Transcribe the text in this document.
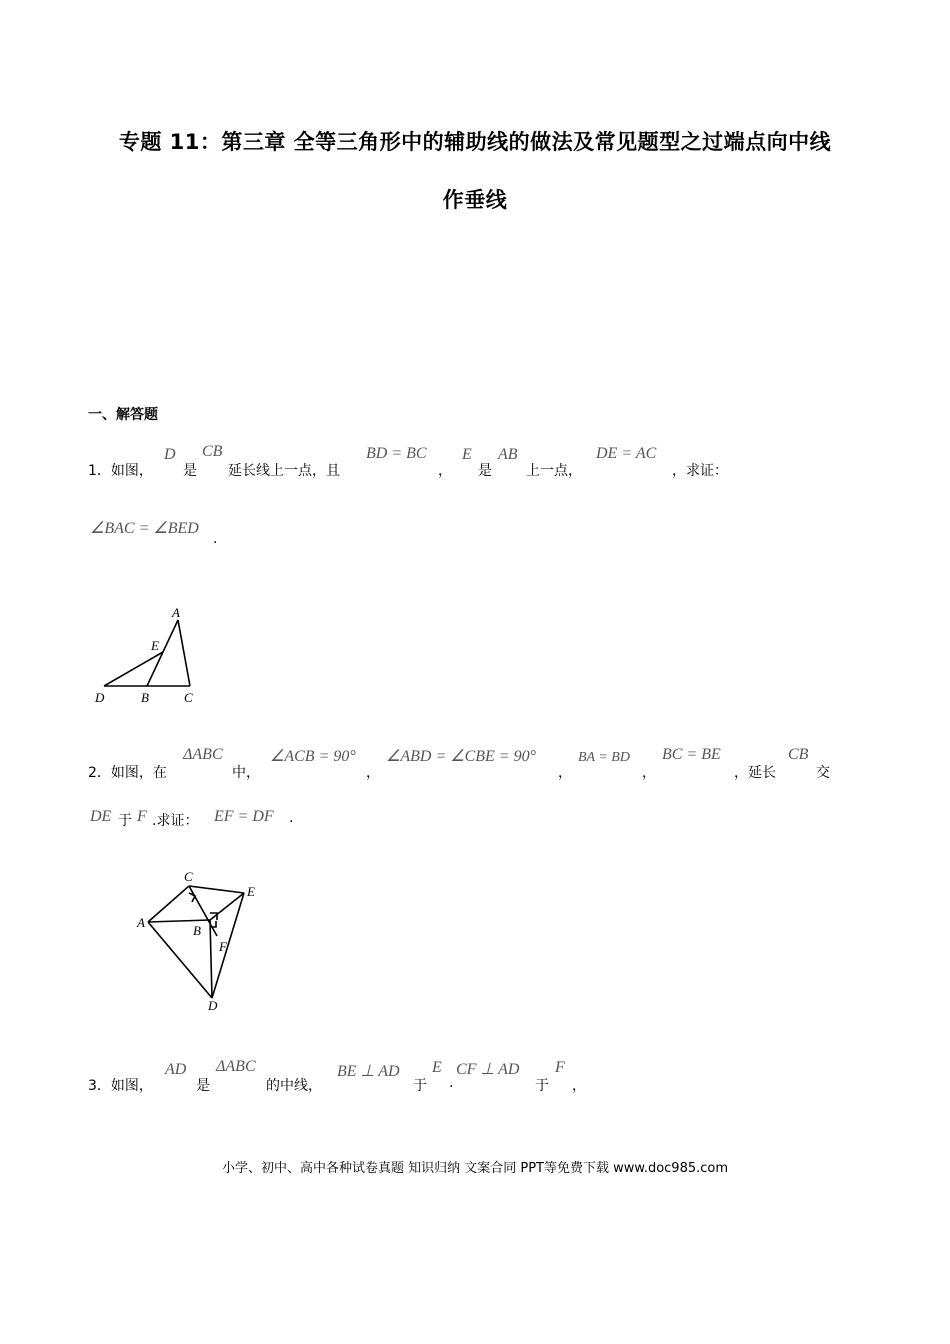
专题 11：第三章 全等三角形中的辅助线的做法及常见题型之过端点向中线
作垂线
一、解答题
1．如图，
D
是
CB
延长线上一点，且
BD = BC
，
E
是
AB
上一点，
DE = AC
，求证：
∠BAC = ∠BED
.
A
E
D	B	C
2．如图，在
ΔABC
中，
∠ACB = 90°
，
∠ABD = ∠CBE = 90°
，
BA = BD
，
BC = BE
，延长
CB
交
DE 于 F .求证： EF = DF .
C
E
A
B
F
D
3．如图，
AD
是
ΔABC
的中线，
BE ⊥ AD
于
E
.
CF ⊥ AD
于
F
，
小学、初中、高中各种试卷真题 知识归纳 文案合同 PPT等免费下载 www.doc985.com
